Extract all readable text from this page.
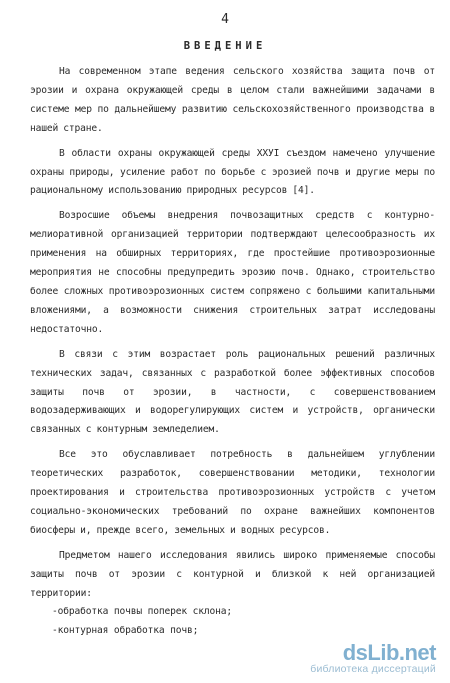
4
ВВЕДЕНИЕ

На современном этапе ведения сельского хозяйства защита почв от эрозии и охрана окружающей среды в целом стали важнейшими задачами в системе мер по дальнейшему развитию сельскохозяйственного производства в нашей стране.

В области охраны окружающей среды ХХУI съездом намечено улучшение охраны природы, усиление работ по борьбе с эрозией почв и другие меры по рациональному использованию природных ресурсов [4].

Возросшие объемы внедрения почвозащитных средств с контурно-мелиоративной организацией территории подтверждают целесообразность их применения на обширных территориях, где простейшие противоэрозионные мероприятия не способны предупредить эрозию почв. Однако, строительство более сложных противоэрозионных систем сопряжено с большими капитальными вложениями, а возможности снижения строительных затрат исследованы недостаточно.

В связи с этим возрастает роль рациональных решений различных технических задач, связанных с разработкой более эффективных способов защиты почв от эрозии, в частности, с совершенствованием водозадерживающих и водорегулирующих систем и устройств, органически связанных с контурным земледелием.

Все это обуславливает потребность в дальнейшем углублении теоретических разработок, совершенствовании методики, технологии проектирования и строительства противоэрозионных устройств с учетом социально-экономических требований по охране важнейших компонентов биосферы и, прежде всего, земельных и водных ресурсов.

Предметом нашего исследования явились широко применяемые способы защиты почв от эрозии с контурной и близкой к ней организацией территории:

-обработка почвы поперек склона;

-контурная обработка почв;

dsLib.net
библиотека диссертаций
